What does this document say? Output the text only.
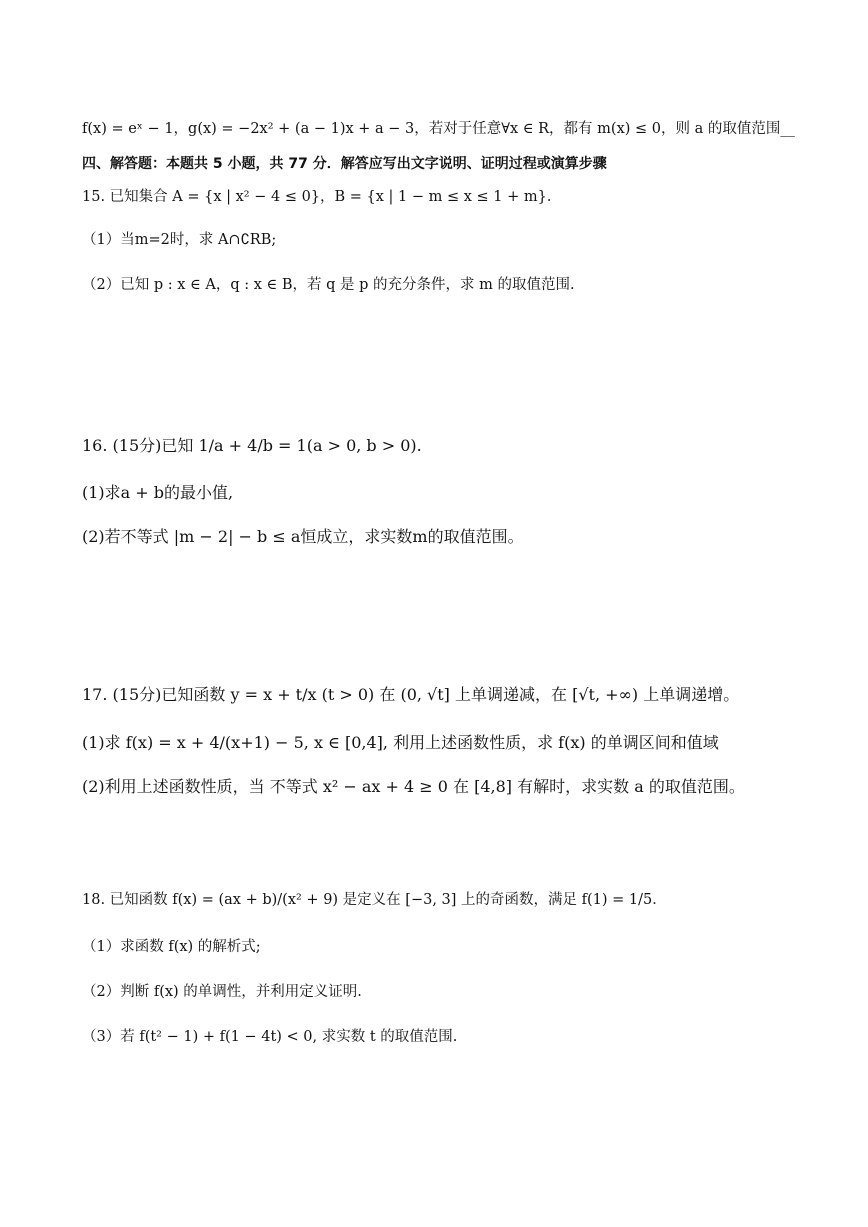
f(x) = eˣ − 1，g(x) = −2x² + (a − 1)x + a − 3，若对于任意∀x ∈ R，都有 m(x) ≤ 0，则 a 的取值范围__
四、解答题：本题共 5 小题，共 77 分．解答应写出文字说明、证明过程或演算步骤
15. 已知集合 A = {x | x² − 4 ≤ 0}，B = {x | 1 − m ≤ x ≤ 1 + m}．
（1）当m=2时，求 A∩∁RB;
（2）已知 p : x ∈ A，q : x ∈ B，若 q 是 p 的充分条件，求 m 的取值范围.
16. (15分)已知 1/a + 4/b = 1(a > 0, b > 0).
(1)求a + b的最小值,
(2)若不等式 |m − 2| − b ≤ a恒成立，求实数m的取值范围。
17. (15分)已知函数 y = x + t/x (t > 0) 在 (0, √t] 上单调递减，在 [√t, +∞) 上单调递增。
(1)求 f(x) = x + 4/(x+1) − 5, x ∈ [0,4], 利用上述函数性质，求 f(x) 的单调区间和值域
(2)利用上述函数性质，当 不等式 x² − ax + 4 ≥ 0 在 [4,8] 有解时，求实数 a 的取值范围。
18. 已知函数 f(x) = (ax + b)/(x² + 9) 是定义在 [−3, 3] 上的奇函数，满足 f(1) = 1/5．
（1）求函数 f(x) 的解析式;
（2）判断 f(x) 的单调性，并利用定义证明.
（3）若 f(t² − 1) + f(1 − 4t) < 0, 求实数 t 的取值范围.
